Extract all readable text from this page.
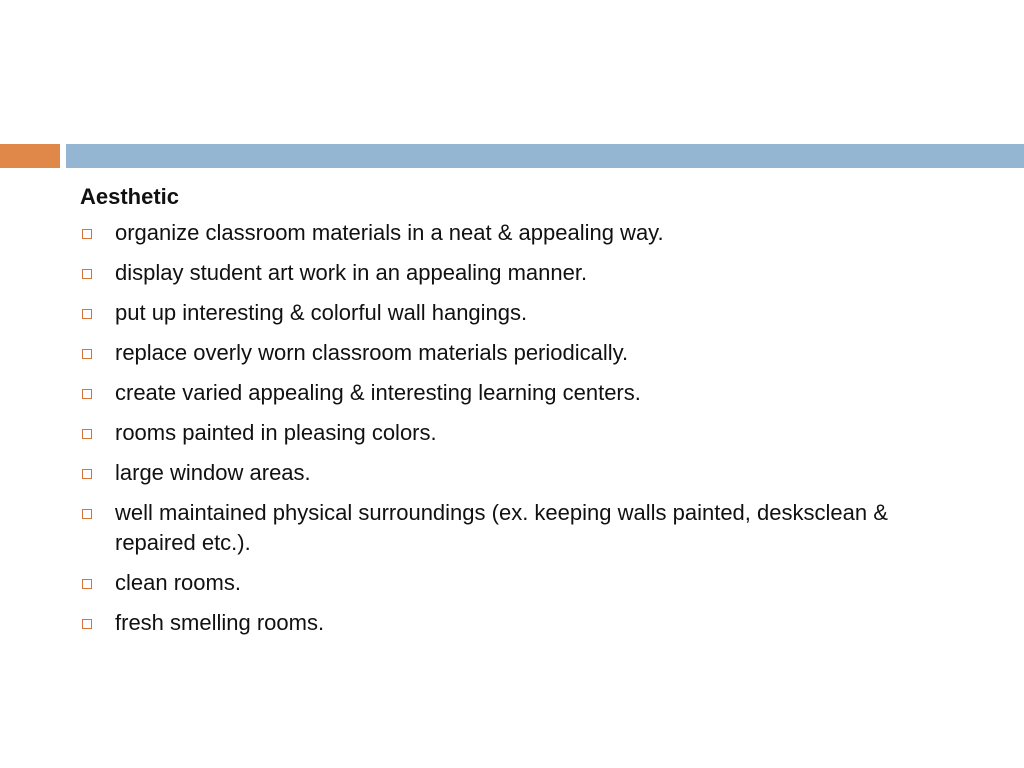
Aesthetic
organize classroom materials in a neat & appealing way.
display student art work in an appealing manner.
put up interesting & colorful wall hangings.
replace overly worn classroom materials periodically.
create varied appealing & interesting learning centers.
rooms painted in pleasing colors.
large window areas.
well maintained physical surroundings (ex. keeping walls painted, desksclean & repaired etc.).
clean rooms.
fresh smelling rooms.
